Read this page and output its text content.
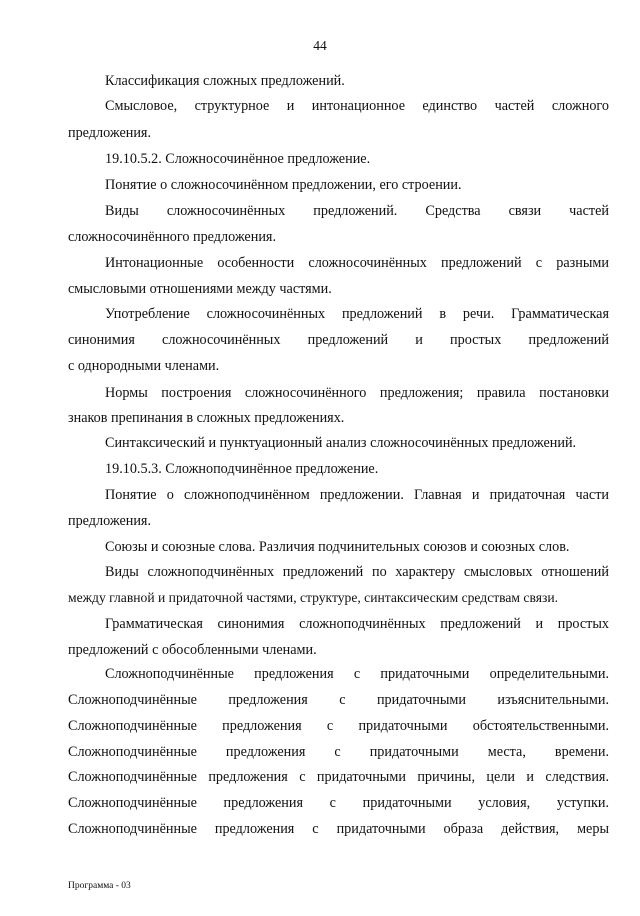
44

Классификация сложных предложений.

Смысловое, структурное и интонационное единство частей сложного

предложения.

19.10.5.2. Сложносочинённое предложение.

Понятие о сложносочинённом предложении, его строении.

Виды сложносочинённых предложений. Средства связи частей

сложносочинённого предложения.

Интонационные особенности сложносочинённых предложений с разными

смысловыми отношениями между частями.

Употребление сложносочинённых предложений в речи. Грамматическая

синонимия сложносочинённых предложений и простых предложений

с однородными членами.

Нормы построения сложносочинённого предложения; правила постановки

знаков препинания в сложных предложениях.

Синтаксический и пунктуационный анализ сложносочинённых предложений.

19.10.5.3. Сложноподчинённое предложение.

Понятие о сложноподчинённом предложении. Главная и придаточная части

предложения.

Союзы и союзные слова. Различия подчинительных союзов и союзных слов.

Виды сложноподчинённых предложений по характеру смысловых отношений

между главной и придаточной частями, структуре, синтаксическим средствам связи.

Грамматическая синонимия сложноподчинённых предложений и простых

предложений с обособленными членами.

Сложноподчинённые предложения с придаточными определительными.

Сложноподчинённые предложения с придаточными изъяснительными.

Сложноподчинённые предложения с придаточными обстоятельственными.

Сложноподчинённые предложения с придаточными места, времени.

Сложноподчинённые предложения с придаточными причины, цели и следствия.

Сложноподчинённые предложения с придаточными условия, уступки.

Сложноподчинённые предложения с придаточными образа действия, меры

Программа - 03
